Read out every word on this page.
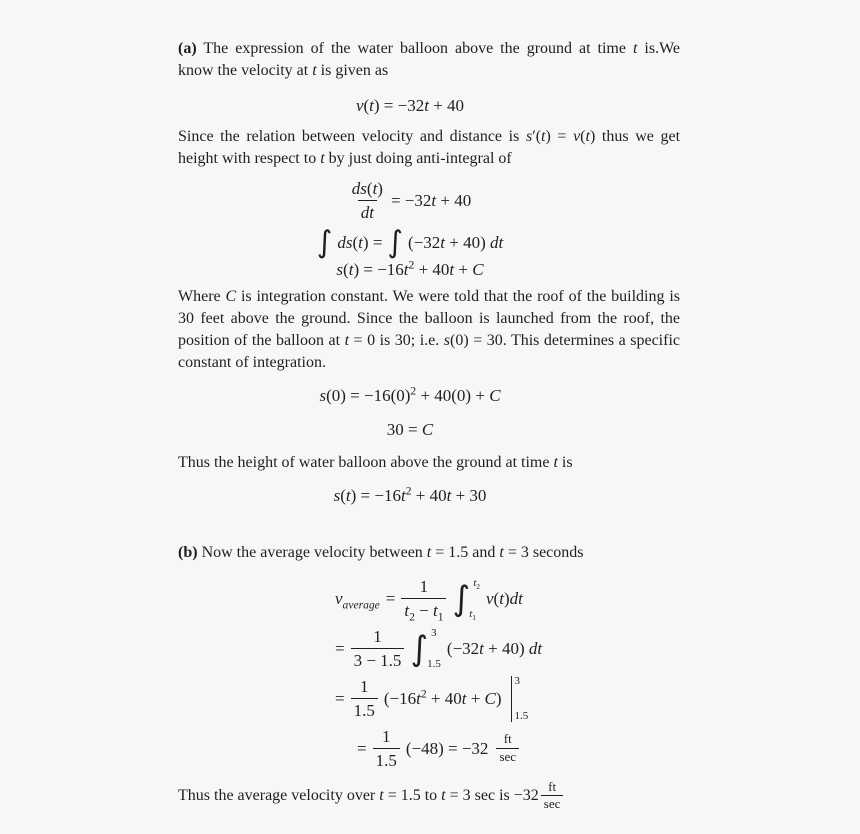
(a) The expression of the water balloon above the ground at time t is.We know the velocity at t is given as

v(t) = −32t + 40

Since the relation between velocity and distance is s′(t) = v(t) thus we get height with respect to t by just doing anti-integral of

$\frac{ds(t)}{dt} = -32t + 40$
∫ ds(t) = ∫ (−32t + 40) dt
$s(t) = -16t^2 + 40t + C$

Where C is integration constant. We were told that the roof of the building is 30 feet above the ground. Since the balloon is launched from the roof, the position of the balloon at t = 0 is 30; i.e. s(0) = 30. This determines a specific constant of integration.

$s(0) = -16(0)^2 + 40(0) + C$
30 = C

Thus the height of water balloon above the ground at time t is

$s(t) = -16t^2 + 40t + 30$

(b) Now the average velocity between t = 1.5 and t = 3 seconds

$v_{average} = \frac{1}{t_2 - t_1}$ ∫ $t_2$
$t_1$
v(t)dt
= $\frac{1}{3 - 1.5}$ ∫ 3
1.5
(−32t + 40) dt
= $\frac{1}{1.5} (-16t^2 + 40t + C)$
3
1.5
= $\frac{1}{1.5} (-48) = -32 \frac{ft}{\sec}$

Thus the average velocity over t = 1.5 to t = 3 sec is $-32 \frac{ft}{\sec}$
